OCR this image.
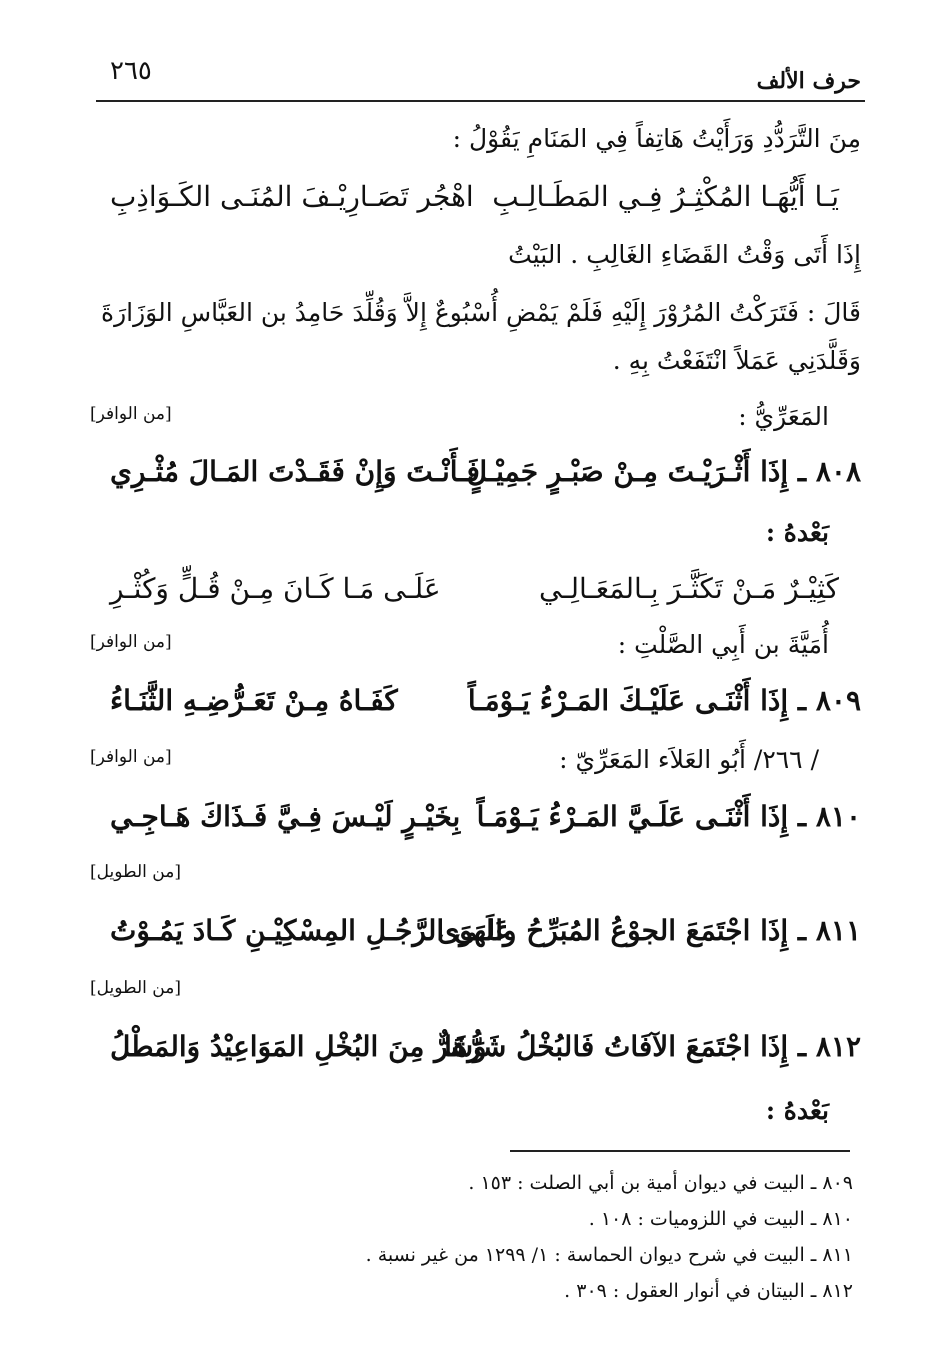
حرف الألف
٢٦٥
مِنَ التَّرَدُّدِ وَرَأَيْتُ هَاتِفاً فِي المَنَامِ يَقُوْلُ :
يَـا أَيُّهَـا المُكْثِـرُ فِـي المَطَـالِـبِ
اهْجُر تَصَـارِيْـفَ المُنَـى الكَـوَاذِبِ
إِذَا أَتَى وَقْتُ القَضَاءِ الغَالِبِ . البَيْتُ
قَالَ : فَتَرَكْتُ المُرُوْرَ إِلَيْهِ فَلَمْ يَمْضِ أُسْبُوعٌ إِلاَّ وَقُلِّدَ حَامِدُ بن العَبَّاسِ الوَزَارَةَ
وَقَلَّدَنِي عَمَلاً انْتَفَعْتُ بِهِ .
المَعَرِّيُّ :
[من الوافر]
٨٠٨ ـ إِذَا أَثْـرَيْـتَ مِـنْ صَبْـرٍ جَمِيْـلٍ
فَـأَنْـتَ وَإِنْ فَقَـدْتَ المَـالَ مُثْـرِي
بَعْدهُ :
كَثِيْـرٌ مَـنْ تَكَثَّـرَ بِـالمَعَـالِـي
عَلَـى مَـا كَـانَ مِـنْ قُـلٍّ وَكُثْـرِ
أُمَيَّةَ بن أَبِي الصَّلْتِ :
[من الوافر]
٨٠٩ ـ إِذَا أَثْنَـى عَلَيْـكَ المَـرْءُ يَـوْمَـاً
كَفَـاهُ مِـنْ تَعَـرُّضِـهِ الثَّنَـاءُ
/ ٢٦٦/ أَبُو العَلاَء المَعَرِّيّ :
[من الوافر]
٨١٠ ـ إِذَا أَثْنَـى عَلَـيَّ المَـرْءُ يَـوْمَـاً
بِخَيْـرٍ لَيْـسَ فِـيَّ فَـذَاكَ هَـاجِـي
[من الطويل]
٨١١ ـ إِذَا اجْتَمَعَ الجوْعُ المُبَرِّحُ والهَوَى
عَلَـى الرَّجُـلِ المِسْكِيْـنِ كَـادَ يَمُـوْتُ
[من الطويل]
٨١٢ ـ إِذَا اجْتَمَعَ الآفَاتُ فَالبُخْلُ شَرُّهَا
وَشَرٌّ مِنَ البُخْلِ المَوَاعِيْدُ وَالمَطْلُ
بَعْدهُ :
٨٠٩ ـ البيت في ديوان أمية بن أبي الصلت : ١٥٣ .
٨١٠ ـ البيت في اللزوميات : ١٠٨ .
٨١١ ـ البيت في شرح ديوان الحماسة : ١/ ١٢٩٩ من غير نسبة .
٨١٢ ـ البيتان في أنوار العقول : ٣٠٩ .
